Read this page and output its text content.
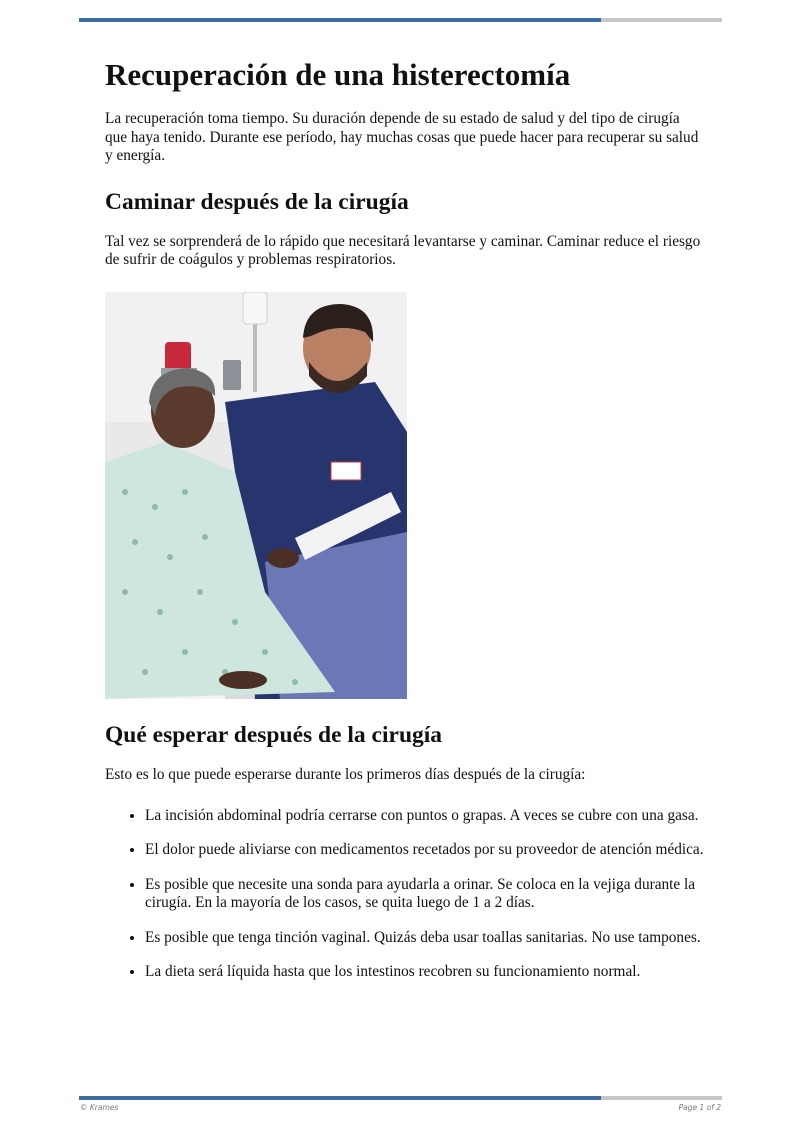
Recuperación de una histerectomía

La recuperación toma tiempo. Su duración depende de su estado de salud y del tipo de cirugía que haya tenido. Durante ese período, hay muchas cosas que puede hacer para recuperar su salud y energía.

Caminar después de la cirugía

Tal vez se sorprenderá de lo rápido que necesitará levantarse y caminar. Caminar reduce el riesgo de sufrir de coágulos y problemas respiratorios.

Qué esperar después de la cirugía

Esto es lo que puede esperarse durante los primeros días después de la cirugía:

• La incisión abdominal podría cerrarse con puntos o grapas. A veces se cubre con una gasa.
• El dolor puede aliviarse con medicamentos recetados por su proveedor de atención médica.
• Es posible que necesite una sonda para ayudarla a orinar. Se coloca en la vejiga durante la cirugía. En la mayoría de los casos, se quita luego de 1 a 2 días.
• Es posible que tenga tinción vaginal. Quizás deba usar toallas sanitarias. No use tampones.
• La dieta será líquida hasta que los intestinos recobren su funcionamiento normal.
© Krames	Page 1 of 2
